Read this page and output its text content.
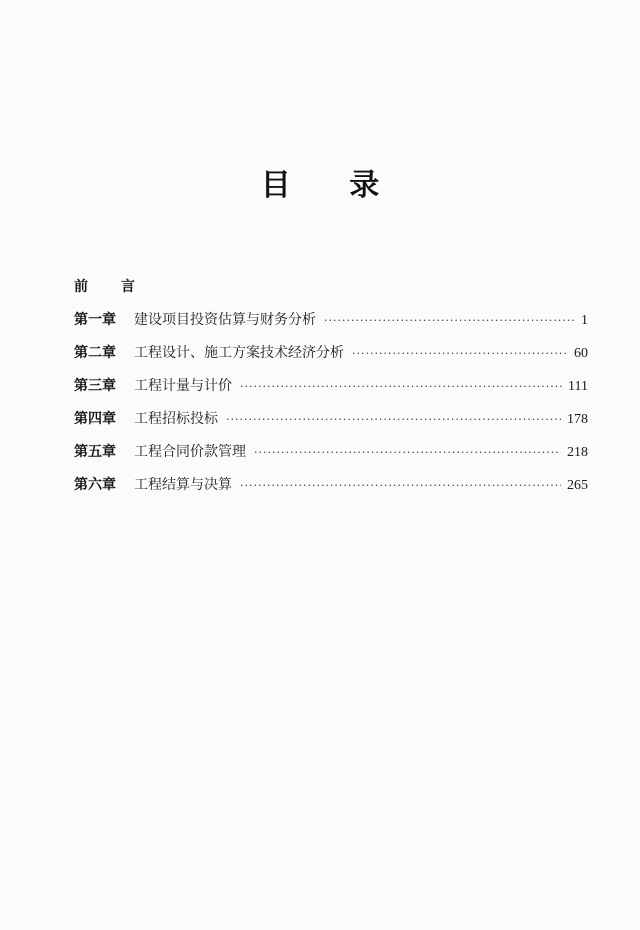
目 录
前 言
第一章	建设项目投资估算与财务分析 ·····	1
第二章	工程设计、施工方案技术经济分析 ·····	60
第三章	工程计量与计价 ·····	111
第四章	工程招标投标 ·····	178
第五章	工程合同价款管理 ·····	218
第六章	工程结算与决算 ·····	265
